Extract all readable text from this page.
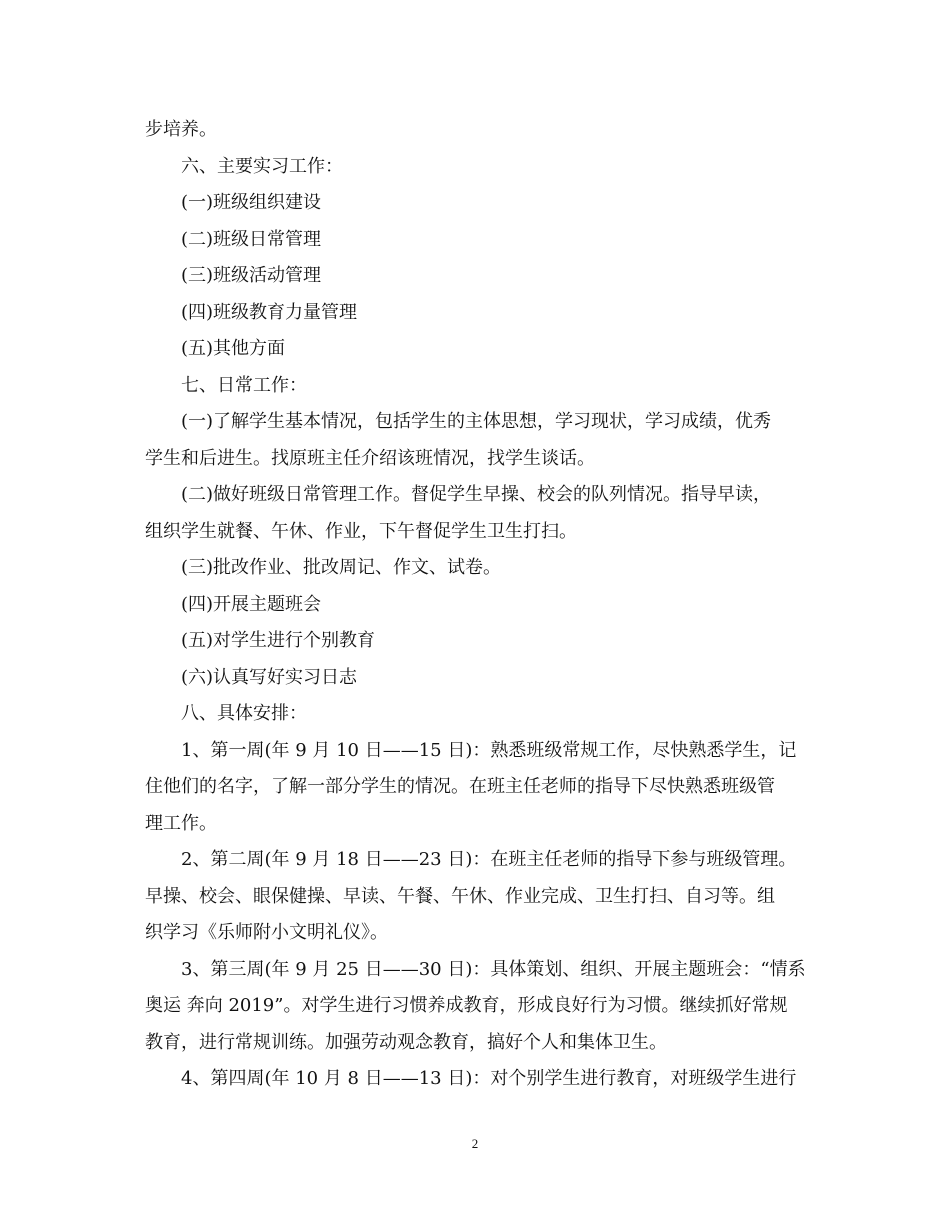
步培养。
六、主要实习工作：
(一)班级组织建设
(二)班级日常管理
(三)班级活动管理
(四)班级教育力量管理
(五)其他方面
七、日常工作：
(一)了解学生基本情况，包括学生的主体思想，学习现状，学习成绩，优秀
学生和后进生。找原班主任介绍该班情况，找学生谈话。
(二)做好班级日常管理工作。督促学生早操、校会的队列情况。指导早读，
组织学生就餐、午休、作业，下午督促学生卫生打扫。
(三)批改作业、批改周记、作文、试卷。
(四)开展主题班会
(五)对学生进行个别教育
(六)认真写好实习日志
八、具体安排：
1、第一周(年 9 月 10 日——15 日)：熟悉班级常规工作，尽快熟悉学生，记
住他们的名字，了解一部分学生的情况。在班主任老师的指导下尽快熟悉班级管
理工作。
2、第二周(年 9 月 18 日——23 日)：在班主任老师的指导下参与班级管理。
早操、校会、眼保健操、早读、午餐、午休、作业完成、卫生打扫、自习等。组
织学习《乐师附小文明礼仪》。
3、第三周(年 9 月 25 日——30 日)：具体策划、组织、开展主题班会：“情系
奥运 奔向 2019”。对学生进行习惯养成教育，形成良好行为习惯。继续抓好常规
教育，进行常规训练。加强劳动观念教育，搞好个人和集体卫生。
4、第四周(年 10 月 8 日——13 日)：对个别学生进行教育，对班级学生进行
2
